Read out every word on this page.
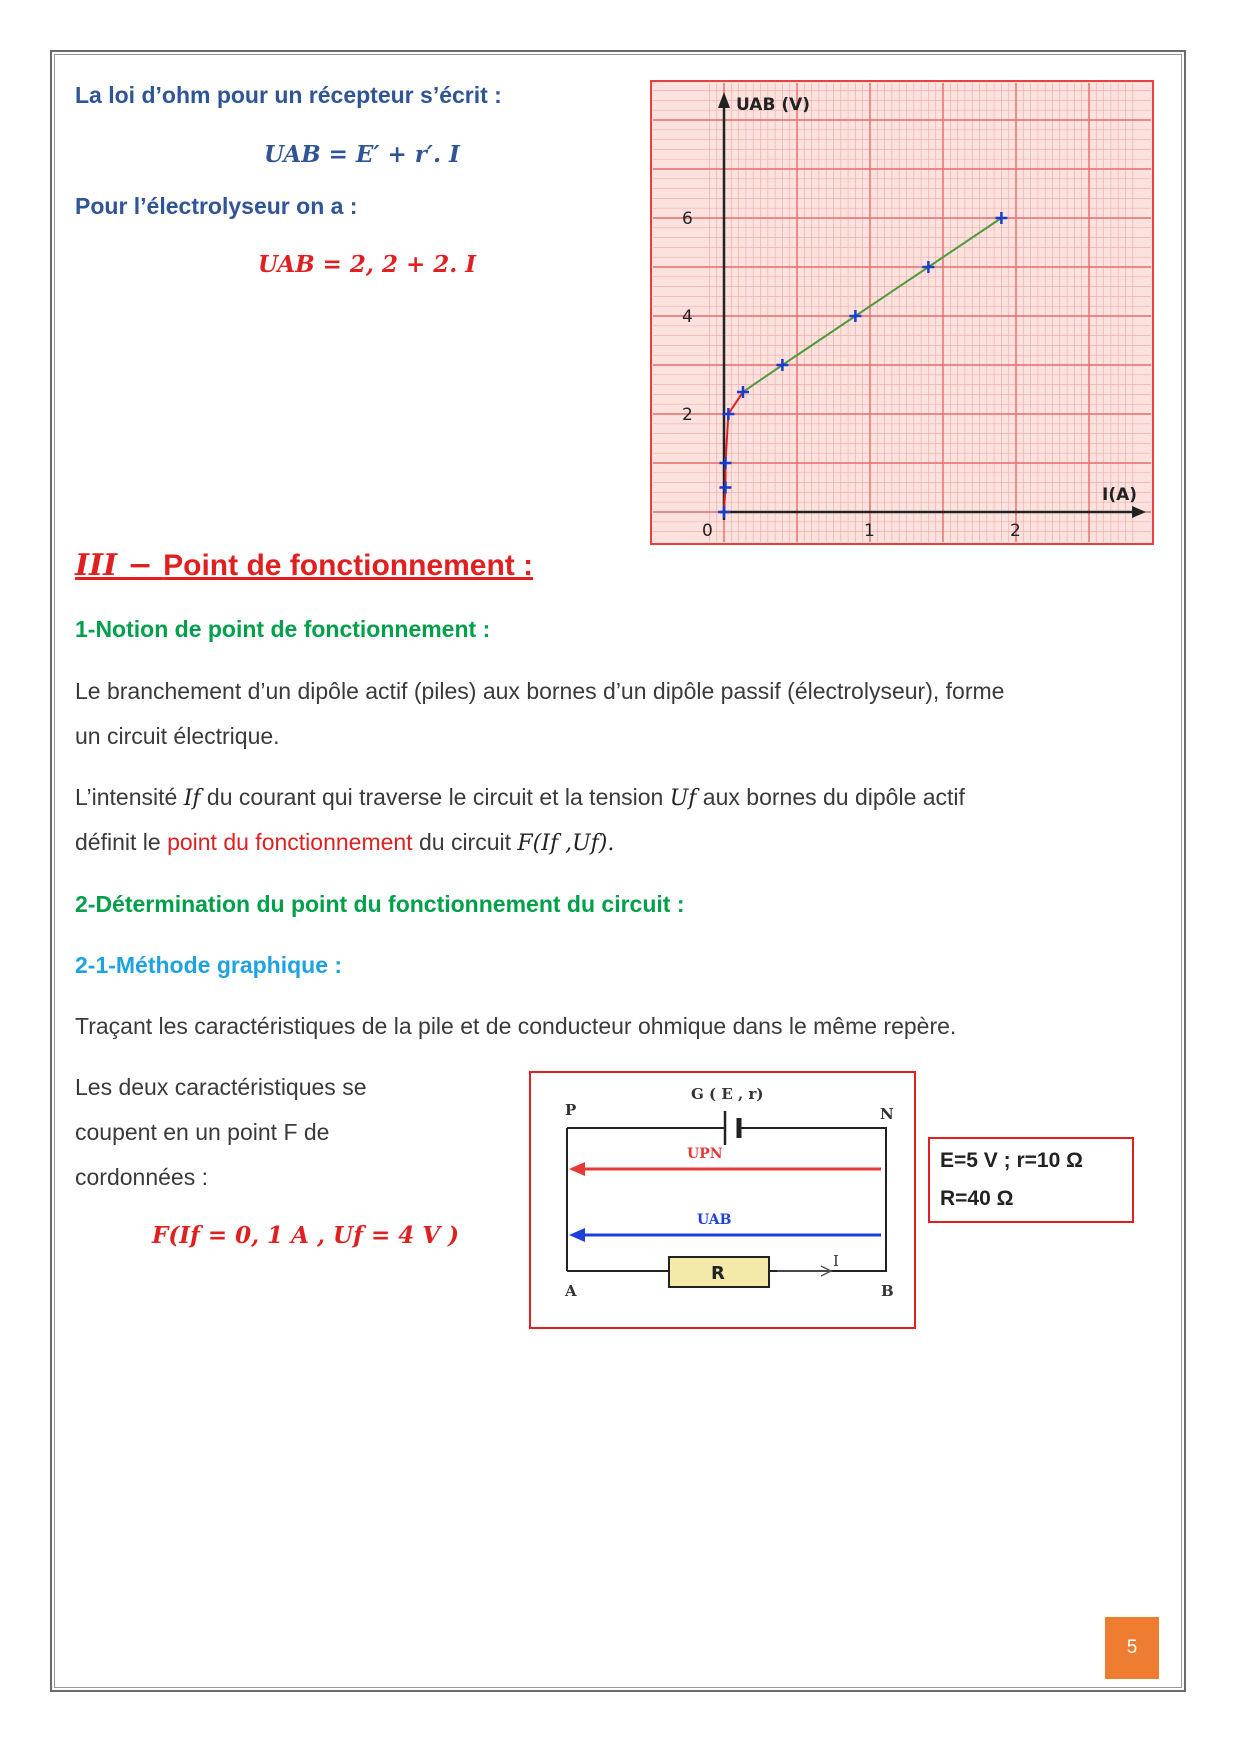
La loi d’ohm pour un récepteur s’écrit :
UAB = E′ + r′. I
Pour l’électrolyseur on a :
UAB = 2, 2 + 2. I
UAB (V)
I(A)
0	1	2
2
4
6
III − Point de fonctionnement :
1-Notion de point de fonctionnement :
Le branchement d’un dipôle actif (piles) aux bornes d’un dipôle passif (électrolyseur), forme
un circuit électrique.
L’intensité If du courant qui traverse le circuit et la tension Uf aux bornes du dipôle actif
définit le point du fonctionnement du circuit F(If ,Uf).
2-Détermination du point du fonctionnement du circuit :
2-1-Méthode graphique :
Traçant les caractéristiques de la pile et de conducteur ohmique dans le même repère.
Les deux caractéristiques se
coupent en un point F de
cordonnées :
F(If = 0, 1 A , Uf = 4 V )
G ( E , r)
P	N
A	B
UPN
UAB
R
I
E=5 V ; r=10 Ω
R=40 Ω
5
